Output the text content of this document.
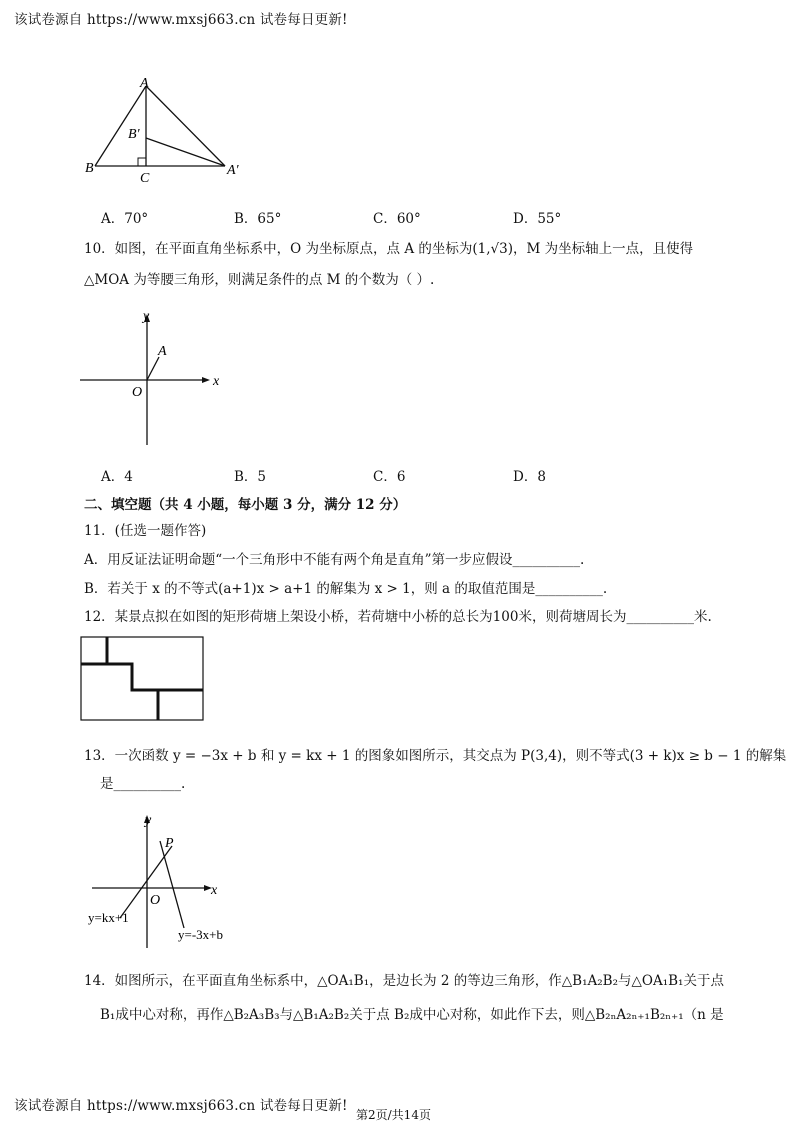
该试卷源自 https://www.mxsj663.cn 试卷每日更新!
A
B′
B
C
A′
A．70°	B．65°	C．60°	D．55°
10．如图，在平面直角坐标系中，O 为坐标原点，点 A 的坐标为(1,√3)，M 为坐标轴上一点，且使得
△MOA 为等腰三角形，则满足条件的点 M 的个数为（ ）.
y
A
x
O
A．4	B．5	C．6	D．8
二、填空题（共 4 小题，每小题 3 分，满分 12 分）
11．(任选一题作答)
A．用反证法证明命题“一个三角形中不能有两个角是直角”第一步应假设__________.
B．若关于 x 的不等式(a+1)x > a+1 的解集为 x > 1，则 a 的取值范围是__________.
12．某景点拟在如图的矩形荷塘上架设小桥，若荷塘中小桥的总长为100米，则荷塘周长为__________米.
13．一次函数 y = −3x + b 和 y = kx + 1 的图象如图所示，其交点为 P(3,4)，则不等式(3 + k)x ≥ b − 1 的解集
是__________.
y
P
x
O
y=kx+1
y=-3x+b
14．如图所示，在平面直角坐标系中，△OA₁B₁，是边长为 2 的等边三角形，作△B₁A₂B₂与△OA₁B₁关于点
B₁成中心对称，再作△B₂A₃B₃与△B₁A₂B₂关于点 B₂成中心对称，如此作下去，则△B₂ₙA₂ₙ₊₁B₂ₙ₊₁（n 是
该试卷源自 https://www.mxsj663.cn 试卷每日更新!
第2页/共14页
